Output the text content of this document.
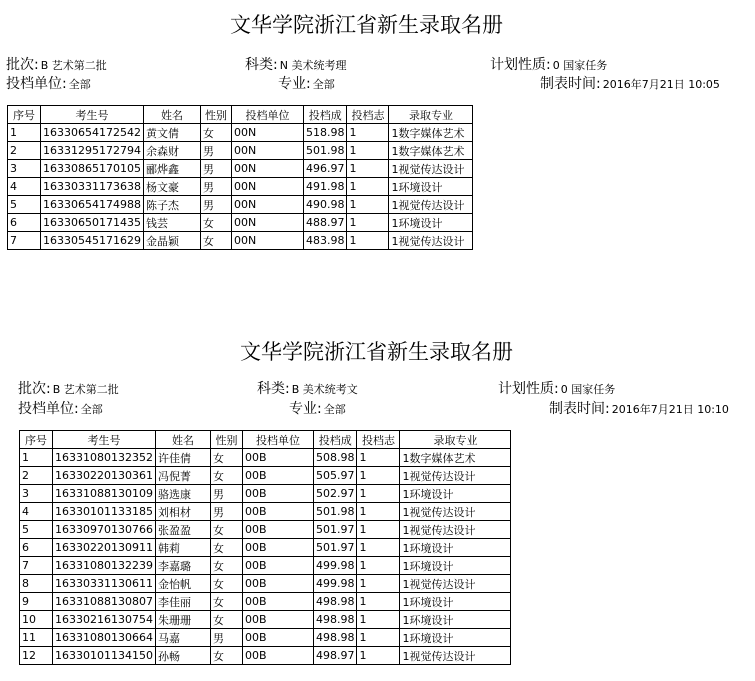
文华学院浙江省新生录取名册
批次: B 艺术第二批	科类: N 美术统考理	计划性质: 0 国家任务
投档单位: 全部	专业: 全部	制表时间: 2016年7月21日 10:05
序号	考生号	姓名	性别	投档单位	投档成	投档志	录取专业
1	16330654172542	黄文倩	女	00N	518.98	1	1数字媒体艺术
2	16331295172794	余森财	男	00N	501.98	1	1数字媒体艺术
3	16330865170105	郦烨鑫	男	00N	496.97	1	1视觉传达设计
4	16330331173638	杨文豪	男	00N	491.98	1	1环境设计
5	16330654174988	陈子杰	男	00N	490.98	1	1视觉传达设计
6	16330650171435	钱芸	女	00N	488.97	1	1环境设计
7	16330545171629	金晶颖	女	00N	483.98	1	1视觉传达设计
文华学院浙江省新生录取名册
批次: B 艺术第二批	科类: B 美术统考文	计划性质: 0 国家任务
投档单位: 全部	专业: 全部	制表时间: 2016年7月21日 10:10
序号	考生号	姓名	性别	投档单位	投档成	投档志	录取专业
1	16331080132352	许佳倩	女	00B	508.98	1	1数字媒体艺术
2	16330220130361	冯倪菁	女	00B	505.97	1	1视觉传达设计
3	16331088130109	骆选康	男	00B	502.97	1	1环境设计
4	16330101133185	刘相材	男	00B	501.98	1	1视觉传达设计
5	16330970130766	张盈盈	女	00B	501.97	1	1视觉传达设计
6	16330220130911	韩莉	女	00B	501.97	1	1环境设计
7	16331080132239	李嘉璐	女	00B	499.98	1	1环境设计
8	16330331130611	金怡帆	女	00B	499.98	1	1视觉传达设计
9	16331088130807	李佳丽	女	00B	498.98	1	1环境设计
10	16330216130754	朱珊珊	女	00B	498.98	1	1环境设计
11	16331080130664	马嘉	男	00B	498.98	1	1环境设计
12	16330101134150	孙畅	女	00B	498.97	1	1视觉传达设计
